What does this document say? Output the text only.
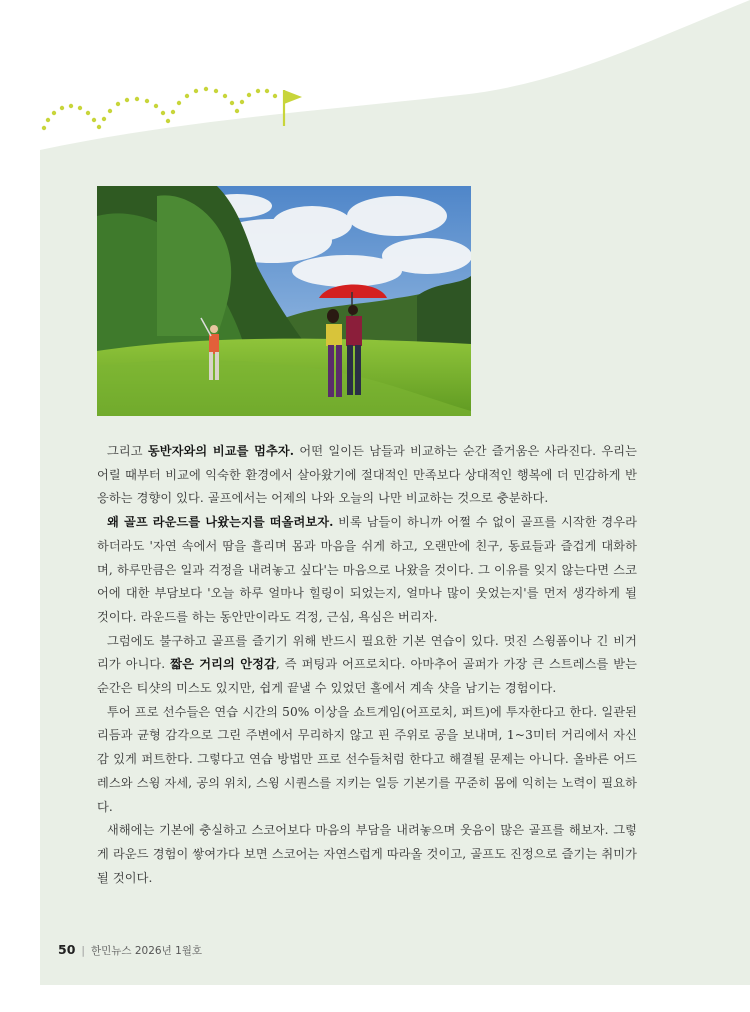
그리고 동반자와의 비교를 멈추자. 어떤 일이든 남들과 비교하는 순간 즐거움은 사라진다. 우리는 어릴 때부터 비교에 익숙한 환경에서 살아왔기에 절대적인 만족보다 상대적인 행복에 더 민감하게 반응하는 경향이 있다. 골프에서는 어제의 나와 오늘의 나만 비교하는 것으로 충분하다.

왜 골프 라운드를 나왔는지를 떠올려보자. 비록 남들이 하니까 어쩔 수 없이 골프를 시작한 경우라 하더라도 '자연 속에서 땀을 흘리며 몸과 마음을 쉬게 하고, 오랜만에 친구, 동료들과 즐겁게 대화하며, 하루만큼은 일과 걱정을 내려놓고 싶다'는 마음으로 나왔을 것이다. 그 이유를 잊지 않는다면 스코어에 대한 부담보다 '오늘 하루 얼마나 힐링이 되었는지, 얼마나 많이 웃었는지'를 먼저 생각하게 될 것이다. 라운드를 하는 동안만이라도 걱정, 근심, 욕심은 버리자.

그럼에도 불구하고 골프를 즐기기 위해 반드시 필요한 기본 연습이 있다. 멋진 스윙폼이나 긴 비거리가 아니다. 짧은 거리의 안정감, 즉 퍼팅과 어프로치다. 아마추어 골퍼가 가장 큰 스트레스를 받는 순간은 티샷의 미스도 있지만, 쉽게 끝낼 수 있었던 홀에서 계속 샷을 남기는 경험이다.

투어 프로 선수들은 연습 시간의 50% 이상을 쇼트게임(어프로치, 퍼트)에 투자한다고 한다. 일관된 리듬과 균형 감각으로 그린 주변에서 무리하지 않고 핀 주위로 공을 보내며, 1~3미터 거리에서 자신감 있게 퍼트한다. 그렇다고 연습 방법만 프로 선수들처럼 한다고 해결될 문제는 아니다. 올바른 어드레스와 스윙 자세, 공의 위치, 스윙 시퀀스를 지키는 일등 기본기를 꾸준히 몸에 익히는 노력이 필요하다.

새해에는 기본에 충실하고 스코어보다 마음의 부담을 내려놓으며 웃음이 많은 골프를 해보자. 그렇게 라운드 경험이 쌓여가다 보면 스코어는 자연스럽게 따라올 것이고, 골프도 진정으로 즐기는 취미가 될 것이다.

50 | 한민뉴스 2026년 1월호
